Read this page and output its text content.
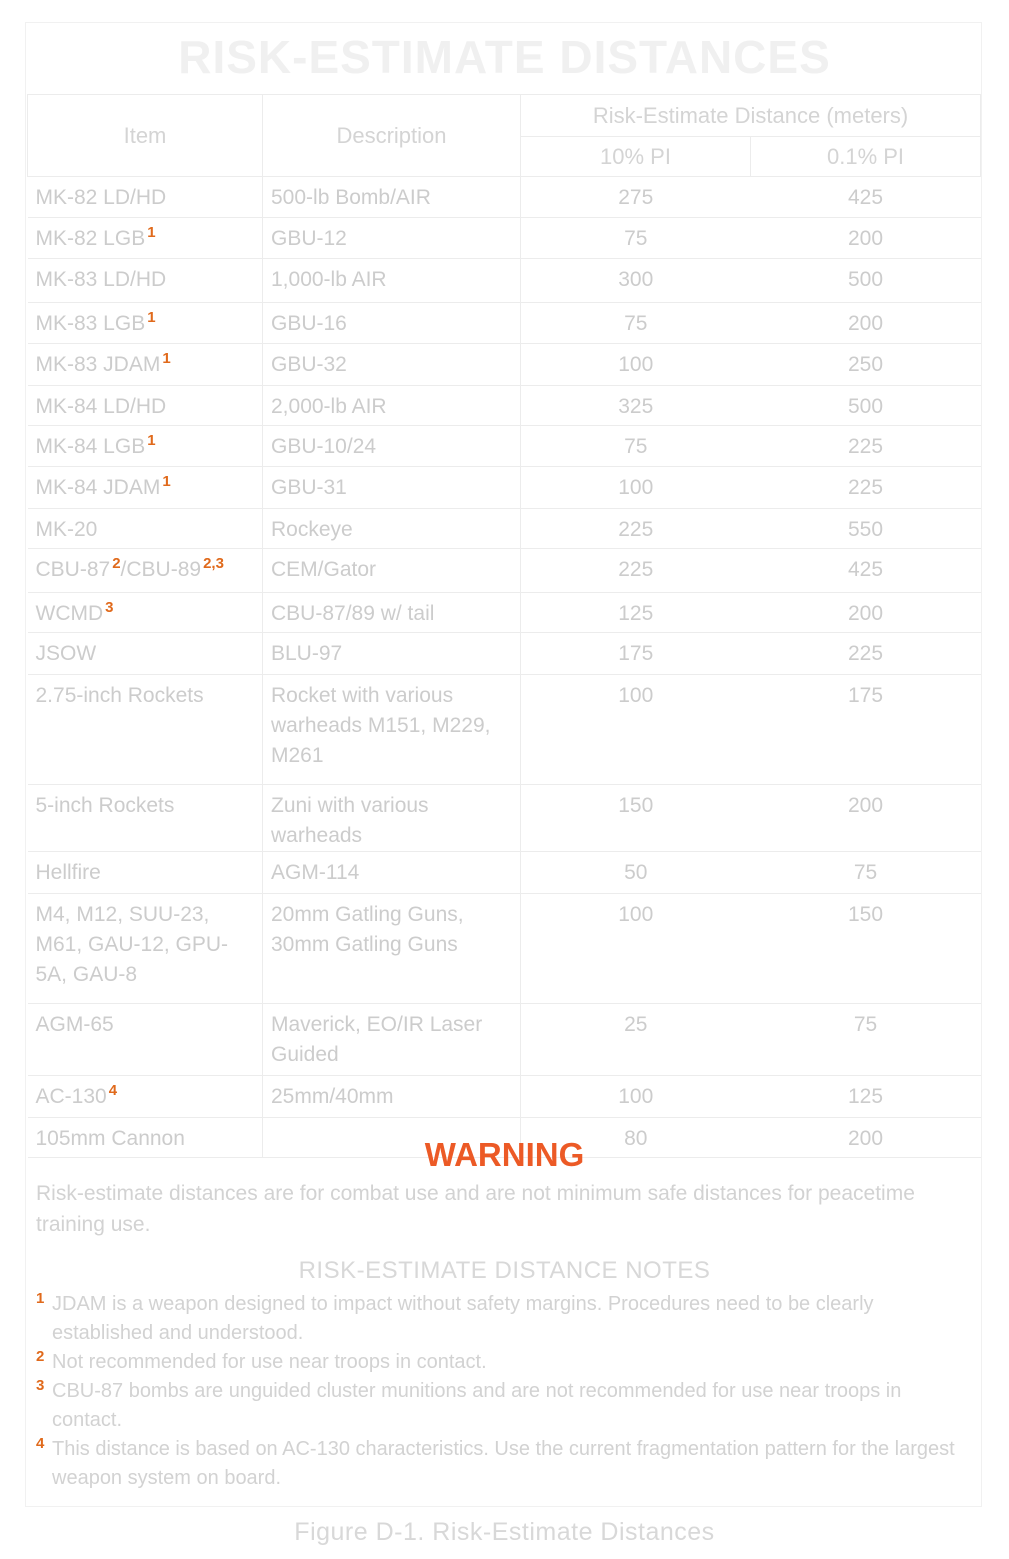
RISK-ESTIMATE DISTANCES
Item	Description	Risk-Estimate Distance (meters)	
		10% PI	0.1% PI
MK-82 LD/HD	500-lb Bomb/AIR	275	425
MK-82 LGB $^1$	GBU-12	75	200
MK-83 LD/HD	1,000-lb AIR	300	500
MK-83 LGB $^1$	GBU-16	75	200
MK-83 JDAM $^1$	GBU-32	100	250
MK-84 LD/HD	2,000-lb AIR	325	500
MK-84 LGB $^1$	GBU-10/24	75	225
MK-84 JDAM $^1$	GBU-31	100	225
MK-20	Rockeye	225	550
CBU-87 $^2$/CBU-89 $^{2,3}$	CEM/Gator	225	425
WCMD $^3$	CBU-87/89 w/ tail	125	200
JSOW	BLU-97	175	225
2.75-inch Rockets	Rocket with various warheads M151, M229, M261	100	175
5-inch Rockets	Zuni with various warheads	150	200
Hellfire	AGM-114	50	75
M4, M12, SUU-23, M61, GAU-12, GPU-5A, GAU-8	20mm Gatling Guns, 30mm Gatling Guns	100	150
AGM-65	Maverick, EO/IR Laser Guided	25	75
AC-130 $^4$	25mm/40mm	100	125
105mm Cannon		80	200
WARNING
Risk-estimate distances are for combat use and are not minimum safe distances for peacetime training use.
RISK-ESTIMATE DISTANCE NOTES
1 JDAM is a weapon designed to impact without safety margins. Procedures need to be clearly established and understood.
2 Not recommended for use near troops in contact.
3 CBU-87 bombs are unguided cluster munitions and are not recommended for use near troops in contact.
4 This distance is based on AC-130 characteristics. Use the current fragmentation pattern for the largest weapon system on board.
Figure D-1. Risk-Estimate Distances
